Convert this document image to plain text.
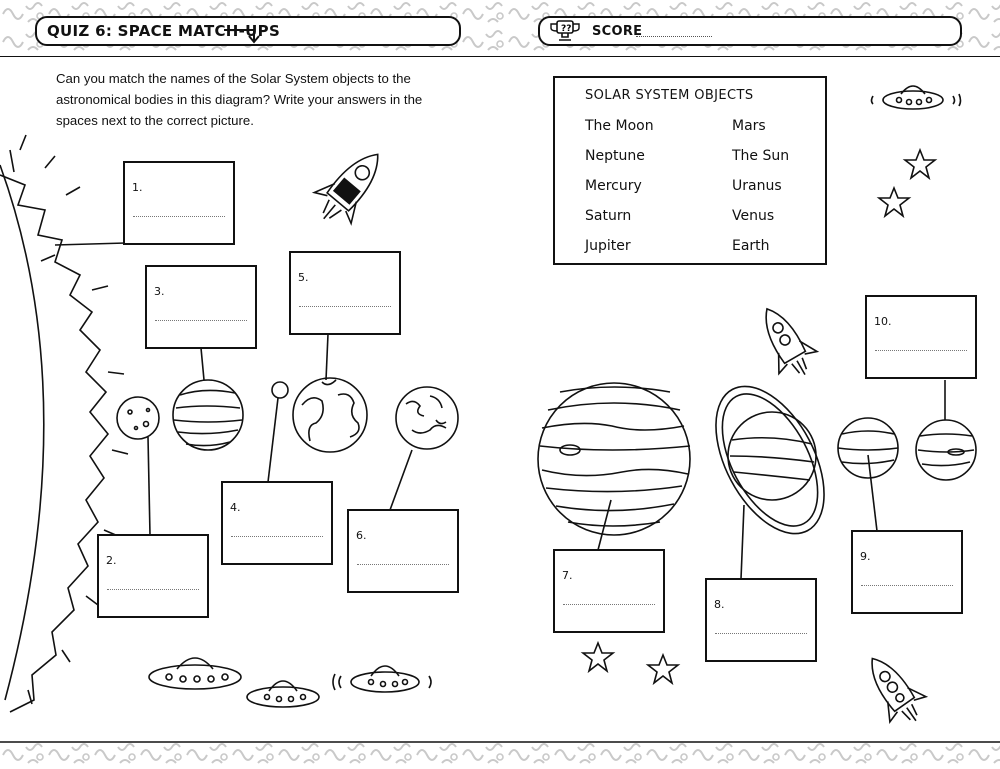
QUIZ 6: SPACE MATCH-UPS	?? SCORE
Can you match the names of the Solar System objects to the astronomical bodies in this diagram? Write your answers in the spaces next to the correct picture.
SOLAR SYSTEM OBJECTS
The Moon
Neptune
Mercury
Saturn
Jupiter
Mars
The Sun
Uranus
Venus
Earth
1.
3.
5.
4.
2.
6.
7.
8.
9.
10.
